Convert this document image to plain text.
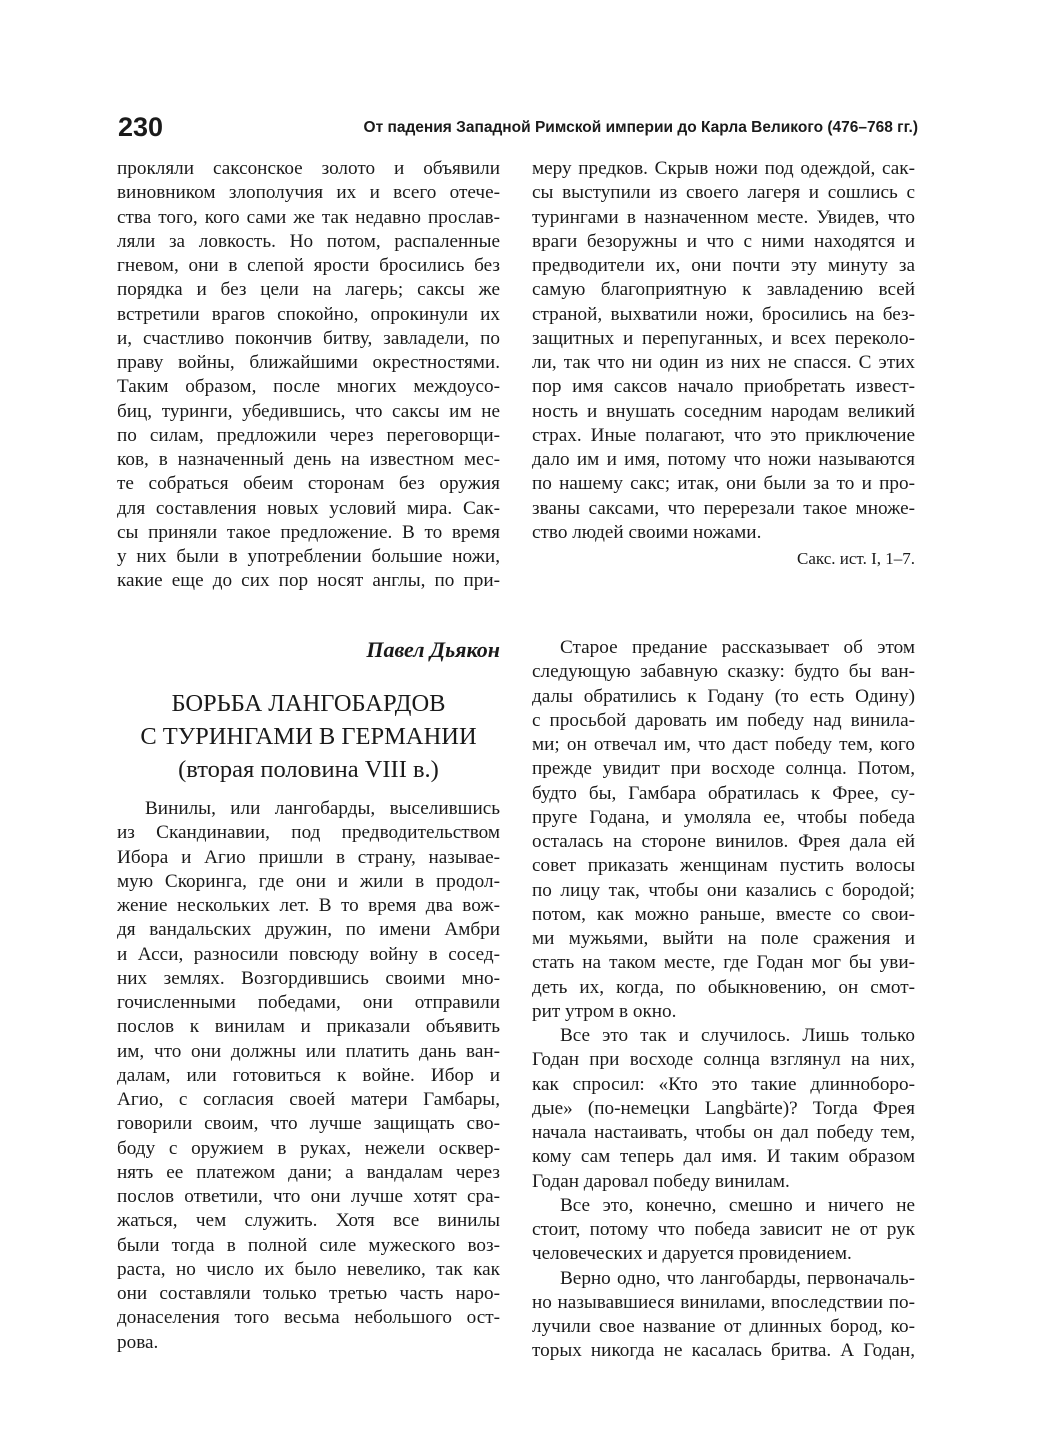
230	От падения Западной Римской империи до Карла Великого (476–768 гг.)
прокляли саксонское золото и объявили
виновником злополучия их и всего отече-
ства того, кого сами же так недавно прослав-
ляли за ловкость. Но потом, распаленные
гневом, они в слепой ярости бросились без
порядка и без цели на лагерь; саксы же
встретили врагов спокойно, опрокинули их
и, счастливо покончив битву, завладели, по
праву войны, ближайшими окрестностями.
Таким образом, после многих междоусо-
биц, туринги, убедившись, что саксы им не
по силам, предложили через переговорщи-
ков, в назначенный день на известном мес-
те собраться обеим сторонам без оружия
для составления новых условий мира. Сак-
сы приняли такое предложение. В то время
у них были в употреблении большие ножи,
какие еще до сих пор носят англы, по при-
меру предков. Скрыв ножи под одеждой, сак-
сы выступили из своего лагеря и сошлись с
турингами в назначенном месте. Увидев, что
враги безоружны и что с ними находятся и
предводители их, они почти эту минуту за
самую благоприятную к завладению всей
страной, выхватили ножи, бросились на без-
защитных и перепуганных, и всех переколо-
ли, так что ни один из них не спасся. С этих
пор имя саксов начало приобретать извест-
ность и внушать соседним народам великий
страх. Иные полагают, что это приключение
дало им и имя, потому что ножи называются
по нашему сакс; итак, они были за то и про-
званы саксами, что перерезали такое множе-
ство людей своими ножами.
Сакс. ист. I, 1–7.
Павел Дьякон
БОРЬБА ЛАНГОБАРДОВ
С ТУРИНГАМИ В ГЕРМАНИИ
(вторая половина VIII в.)
Винилы, или лангобарды, выселившись
из Скандинавии, под предводительством
Ибора и Агио пришли в страну, называе-
мую Скоринга, где они и жили в продол-
жение нескольких лет. В то время два вож-
дя вандальских дружин, по имени Амбри
и Асси, разносили повсюду войну в сосед-
них землях. Возгордившись своими мно-
гочисленными победами, они отправили
послов к винилам и приказали объявить
им, что они должны или платить дань ван-
далам, или готовиться к войне. Ибор и
Агио, с согласия своей матери Гамбары,
говорили своим, что лучше защищать сво-
боду с оружием в руках, нежели осквер-
нять ее платежом дани; а вандалам через
послов ответили, что они лучше хотят сра-
жаться, чем служить. Хотя все винилы
были тогда в полной силе мужеского воз-
раста, но число их было невелико, так как
они составляли только третью часть наро-
донаселения того весьма небольшого ост-
рова.
Старое предание рассказывает об этом
следующую забавную сказку: будто бы ван-
далы обратились к Годану (то есть Одину)
с просьбой даровать им победу над винила-
ми; он отвечал им, что даст победу тем, кого
прежде увидит при восходе солнца. Потом,
будто бы, Гамбара обратилась к Фрее, су-
пруге Годана, и умоляла ее, чтобы победа
осталась на стороне винилов. Фрея дала ей
совет приказать женщинам пустить волосы
по лицу так, чтобы они казались с бородой;
потом, как можно раньше, вместе со свои-
ми мужьями, выйти на поле сражения и
стать на таком месте, где Годан мог бы уви-
деть их, когда, по обыкновению, он смот-
рит утром в окно.
Все это так и случилось. Лишь только
Годан при восходе солнца взглянул на них,
как спросил: «Кто это такие длинноборо-
дые» (по-немецки Langbärte)? Тогда Фрея
начала настаивать, чтобы он дал победу тем,
кому сам теперь дал имя. И таким образом
Годан даровал победу винилам.
Все это, конечно, смешно и ничего не
стоит, потому что победа зависит не от рук
человеческих и даруется провидением.
Верно одно, что лангобарды, первоначаль-
но называвшиеся винилами, впоследствии по-
лучили свое название от длинных бород, ко-
торых никогда не касалась бритва. А Годан,
